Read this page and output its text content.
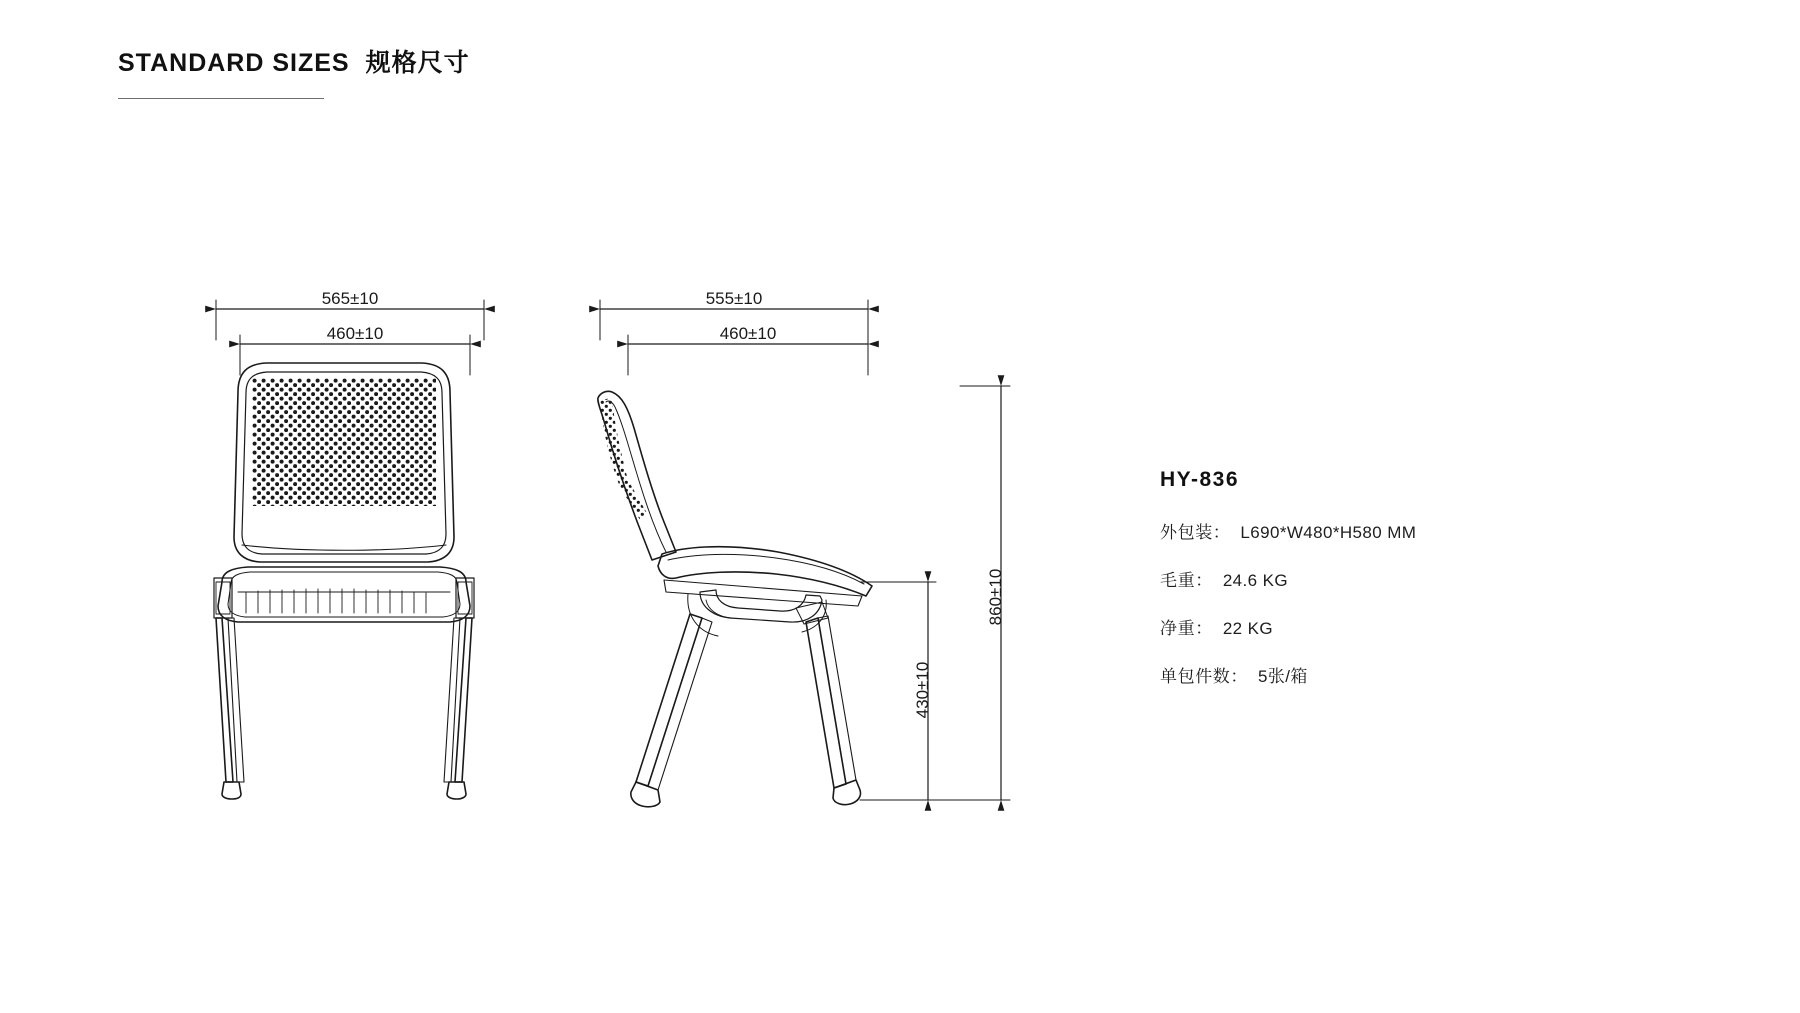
STANDARD SIZES 规格尺寸
565±10
460±10
555±10
460±10
860±10
430±10
HY-836
外包装： L690*W480*H580 MM
毛重： 24.6 KG
净重： 22 KG
单包件数： 5张/箱
